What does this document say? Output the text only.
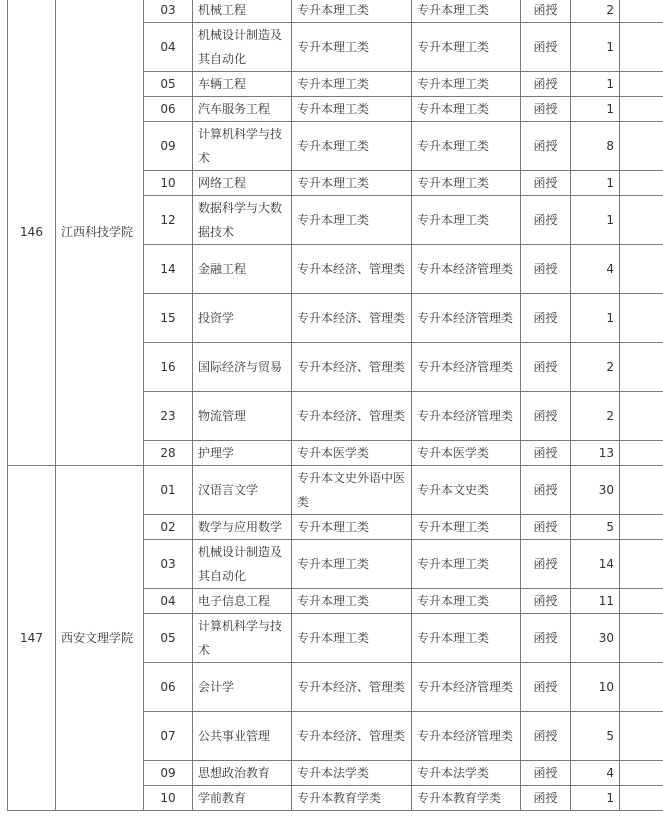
146	江西科技学院	03	机械工程	专升本理工类	专升本理工类	函授	2	
		04	机械设计制造及其自动化	专升本理工类	专升本理工类	函授	1	
		05	车辆工程	专升本理工类	专升本理工类	函授	1	
		06	汽车服务工程	专升本理工类	专升本理工类	函授	1	
		09	计算机科学与技术	专升本理工类	专升本理工类	函授	8	
		10	网络工程	专升本理工类	专升本理工类	函授	1	
		12	数据科学与大数据技术	专升本理工类	专升本理工类	函授	1	
		14	金融工程	专升本经济、管理类	专升本经济管理类	函授	4	
		15	投资学	专升本经济、管理类	专升本经济管理类	函授	1	
		16	国际经济与贸易	专升本经济、管理类	专升本经济管理类	函授	2	
		23	物流管理	专升本经济、管理类	专升本经济管理类	函授	2	
		28	护理学	专升本医学类	专升本医学类	函授	13	
147	西安文理学院	01	汉语言文学	专升本文史外语中医类	专升本文史类	函授	30	
		02	数学与应用数学	专升本理工类	专升本理工类	函授	5	
		03	机械设计制造及其自动化	专升本理工类	专升本理工类	函授	14	
		04	电子信息工程	专升本理工类	专升本理工类	函授	11	
		05	计算机科学与技术	专升本理工类	专升本理工类	函授	30	
		06	会计学	专升本经济、管理类	专升本经济管理类	函授	10	
		07	公共事业管理	专升本经济、管理类	专升本经济管理类	函授	5	
		09	思想政治教育	专升本法学类	专升本法学类	函授	4	
		10	学前教育	专升本教育学类	专升本教育学类	函授	1	
